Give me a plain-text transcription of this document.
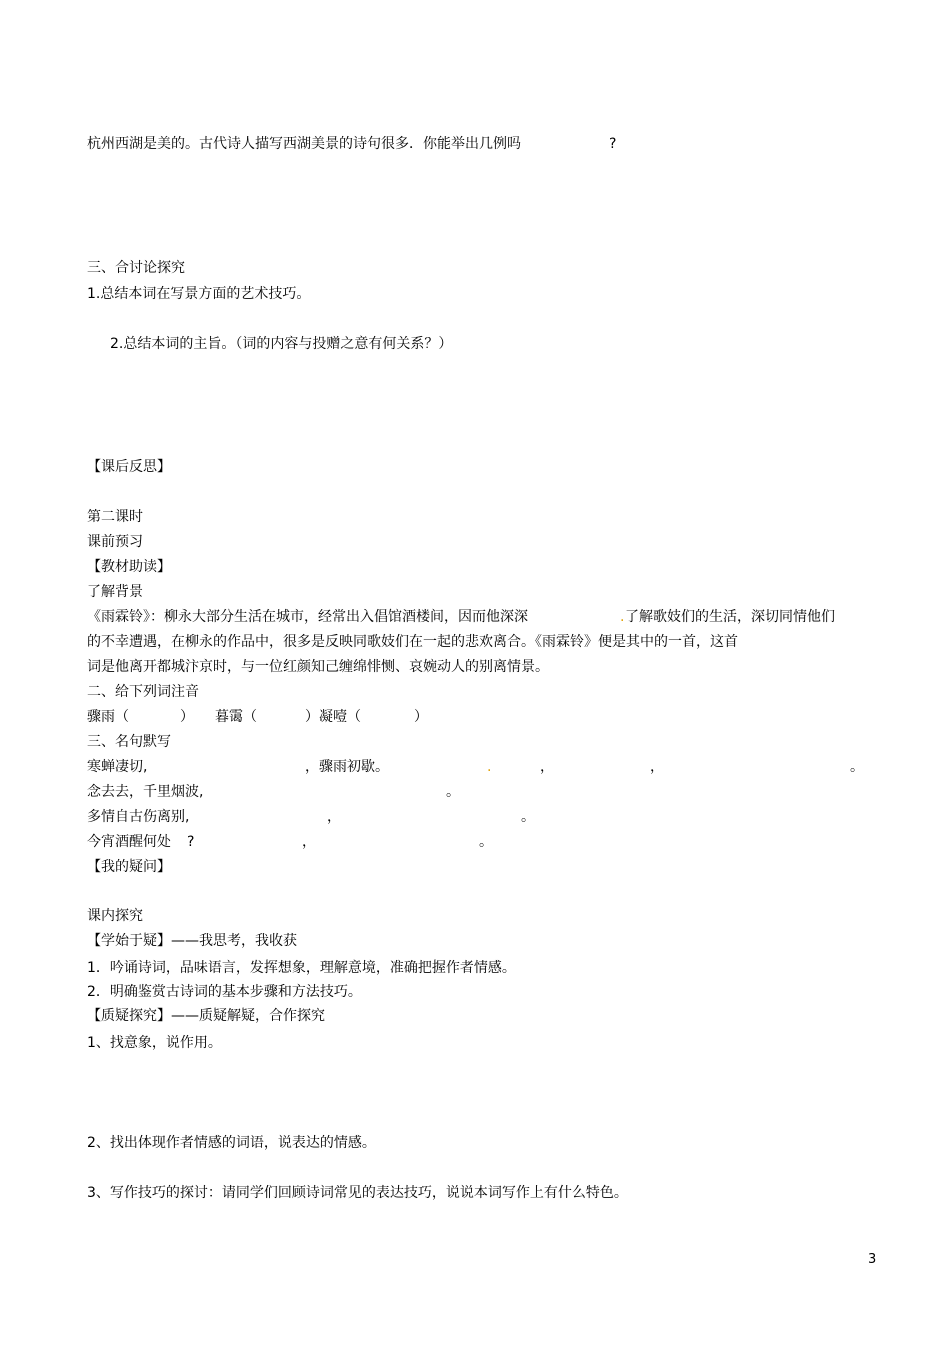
杭州西湖是美的。古代诗人描写西湖美景的诗句很多．你能举出几例吗	?
三、合讨论探究
1.总结本词在写景方面的艺术技巧。
2.总结本词的主旨。（词的内容与投赠之意有何关系？）
【课后反思】
第二课时
课前预习
【教材助读】
了解背景
《雨霖铃》：柳永大部分生活在城市，经常出入倡馆酒楼间，因而他深深	. 了解歌妓们的生活，深切同情他们
的不幸遭遇，在柳永的作品中，很多是反映同歌妓们在一起的悲欢离合。《雨霖铃》便是其中的一首，这首
词是他离开都城汴京时，与一位红颜知己缠绵悱恻、哀婉动人的别离情景。
二、给下列词注音
骤雨（	） 暮霭（	）凝噎（	）
三、名句默写
寒蝉凄切,	，骤雨初歇。	.	，	，	。
念去去，千里烟波,	。
多情自古伤离别,	，	。
今宵酒醒何处 ?	，	。
【我的疑问】
课内探究
【学始于疑】——我思考，我收获
1．吟诵诗词，品味语言，发挥想象，理解意境，准确把握作者情感。
2．明确鉴赏古诗词的基本步骤和方法技巧。
【质疑探究】——质疑解疑，合作探究
1、找意象，说作用。
2、找出体现作者情感的词语，说表达的情感。
3、写作技巧的探讨：请同学们回顾诗词常见的表达技巧，说说本词写作上有什么特色。
3
